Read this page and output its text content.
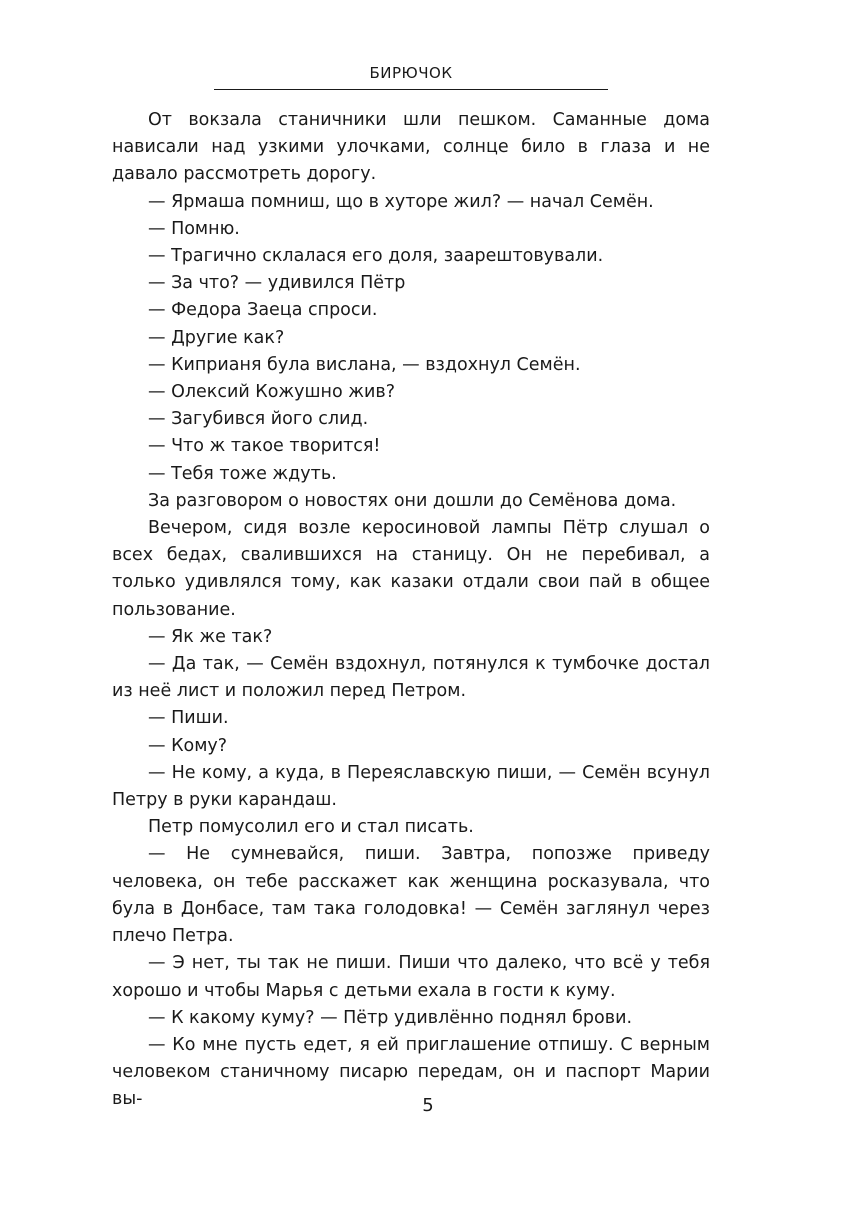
БИРЮЧОК

От вокзала станичники шли пешком. Саманные дома нависали над узкими улочками, солнце било в глаза и не давало рассмотреть дорогу.

— Ярмаша помниш, що в хуторе жил? — начал Семён.

— Помню.

— Трагично склалася его доля, заарештовували.

— За что? — удивился Пётр

— Федора Заеца спроси.

— Другие как?

— Киприаня була вислана, — вздохнул Семён.

— Олексий Кожушно жив?

— Загубився його слид.

— Что ж такое творится!

— Тебя тоже ждуть.

За разговором о новостях они дошли до Семёнова дома.

Вечером, сидя возле керосиновой лампы Пётр слушал о всех бедах, свалившихся на станицу. Он не перебивал, а только удивлялся тому, как казаки отдали свои пай в общее пользование.

— Як же так?

— Да так, — Семён вздохнул, потянулся к тумбочке достал из неё лист и положил перед Петром.

— Пиши.

— Кому?

— Не кому, а куда, в Переяславскую пиши, — Семён всунул Петру в руки карандаш.

Петр помусолил его и стал писать.

— Не сумневайся, пиши. Завтра, попозже приведу человека, он тебе расскажет как женщина росказувала, что була в Донбасе, там така голодовка! — Семён заглянул через плечо Петра.

— Э нет, ты так не пиши. Пиши что далеко, что всё у тебя хорошо и чтобы Марья с детьми ехала в гости к куму.

— К какому куму? — Пётр удивлённо поднял брови.

— Ко мне пусть едет, я ей приглашение отпишу. С верным человеком станичному писарю передам, он и паспорт Марии вы-	5
